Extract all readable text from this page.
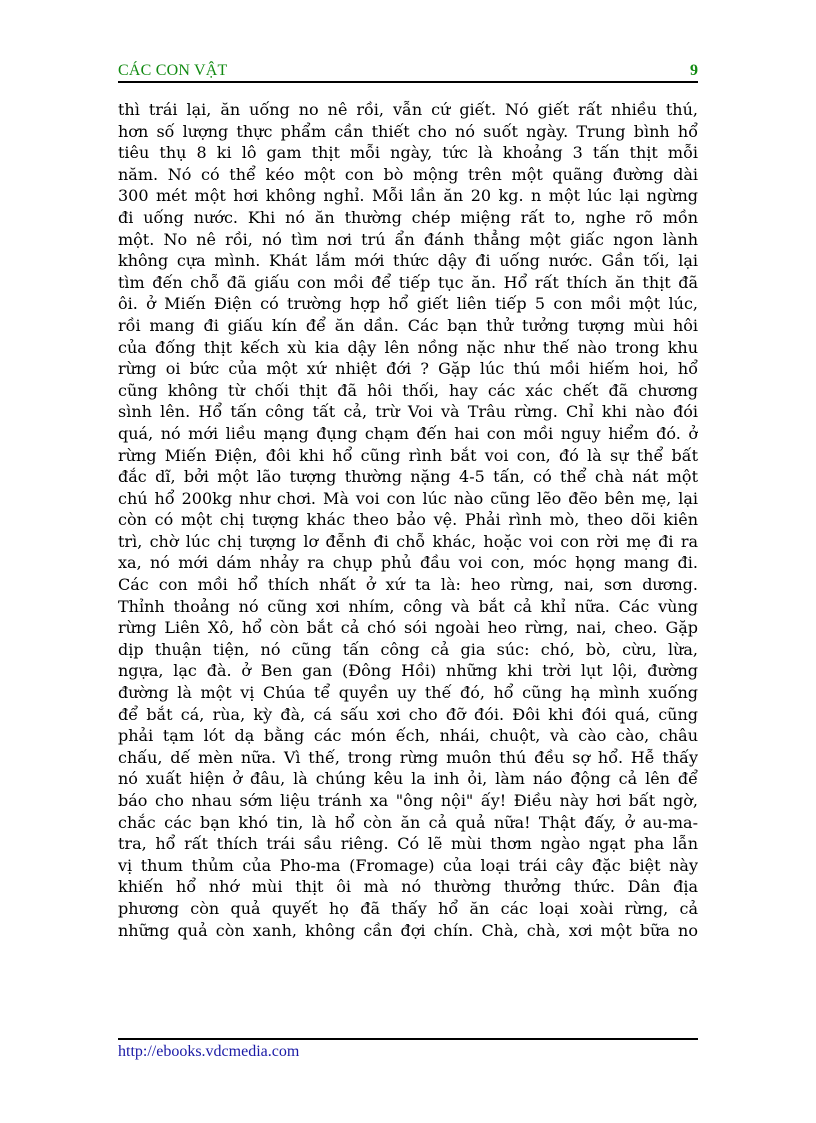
CÁC CON VẬT	9
thì trái lại, ăn uống no nê rồi, vẫn cứ giết. Nó giết rất nhiều thú,
hơn số lượng thực phẩm cần thiết cho nó suốt ngày. Trung bình hổ
tiêu thụ 8 ki lô gam thịt mỗi ngày, tức là khoảng 3 tấn thịt mỗi
năm. Nó có thể kéo một con bò mộng trên một quãng đường dài
300 mét một hơi không nghỉ. Mỗi lần ăn 20 kg. n một lúc lại ngừng
đi uống nước. Khi nó ăn thường chép miệng rất to, nghe rõ mồn
một. No nê rồi, nó tìm nơi trú ẩn đánh thẳng một giấc ngon lành
không cựa mình. Khát lắm mới thức dậy đi uống nước. Gần tối, lại
tìm đến chỗ đã giấu con mồi để tiếp tục ăn. Hổ rất thích ăn thịt đã
ôi. ở Miến Điện có trường hợp hổ giết liên tiếp 5 con mồi một lúc,
rồi mang đi giấu kín để ăn dần. Các bạn thử tưởng tượng mùi hôi
của đống thịt kếch xù kia dậy lên nồng nặc như thế nào trong khu
rừng oi bức của một xứ nhiệt đới ? Gặp lúc thú mồi hiếm hoi, hổ
cũng không từ chối thịt đã hôi thối, hay các xác chết đã chương
sình lên. Hổ tấn công tất cả, trừ Voi và Trâu rừng. Chỉ khi nào đói
quá, nó mới liều mạng đụng chạm đến hai con mồi nguy hiểm đó. ở
rừng Miến Điện, đôi khi hổ cũng rình bắt voi con, đó là sự thể bất
đắc dĩ, bởi một lão tượng thường nặng 4-5 tấn, có thể chà nát một
chú hổ 200kg như chơi. Mà voi con lúc nào cũng lẽo đẽo bên mẹ, lại
còn có một chị tượng khác theo bảo vệ. Phải rình mò, theo dõi kiên
trì, chờ lúc chị tượng lơ đễnh đi chỗ khác, hoặc voi con rời mẹ đi ra
xa, nó mới dám nhảy ra chụp phủ đầu voi con, móc họng mang đi.
Các con mồi hổ thích nhất ở xứ ta là: heo rừng, nai, sơn dương.
Thỉnh thoảng nó cũng xơi nhím, công và bắt cả khỉ nữa. Các vùng
rừng Liên Xô, hổ còn bắt cả chó sói ngoài heo rừng, nai, cheo. Gặp
dịp thuận tiện, nó cũng tấn công cả gia súc: chó, bò, cừu, lừa,
ngựa, lạc đà. ở Ben gan (Đông Hồi) những khi trời lụt lội, đường
đường là một vị Chúa tể quyền uy thế đó, hổ cũng hạ mình xuống
để bắt cá, rùa, kỳ đà, cá sấu xơi cho đỡ đói. Đôi khi đói quá, cũng
phải tạm lót dạ bằng các món ếch, nhái, chuột, và cào cào, châu
chấu, dế mèn nữa. Vì thế, trong rừng muôn thú đều sợ hổ. Hễ thấy
nó xuất hiện ở đâu, là chúng kêu la inh ỏi, làm náo động cả lên để
báo cho nhau sớm liệu tránh xa "ông nội" ấy! Điều này hơi bất ngờ,
chắc các bạn khó tin, là hổ còn ăn cả quả nữa! Thật đấy, ở au-ma-
tra, hổ rất thích trái sầu riêng. Có lẽ mùi thơm ngào ngạt pha lẫn
vị thum thủm của Pho-ma (Fromage) của loại trái cây đặc biệt này
khiến hổ nhớ mùi thịt ôi mà nó thường thưởng thức. Dân địa
phương còn quả quyết họ đã thấy hổ ăn các loại xoài rừng, cả
những quả còn xanh, không cần đợi chín. Chà, chà, xơi một bữa no
http://ebooks.vdcmedia.com
